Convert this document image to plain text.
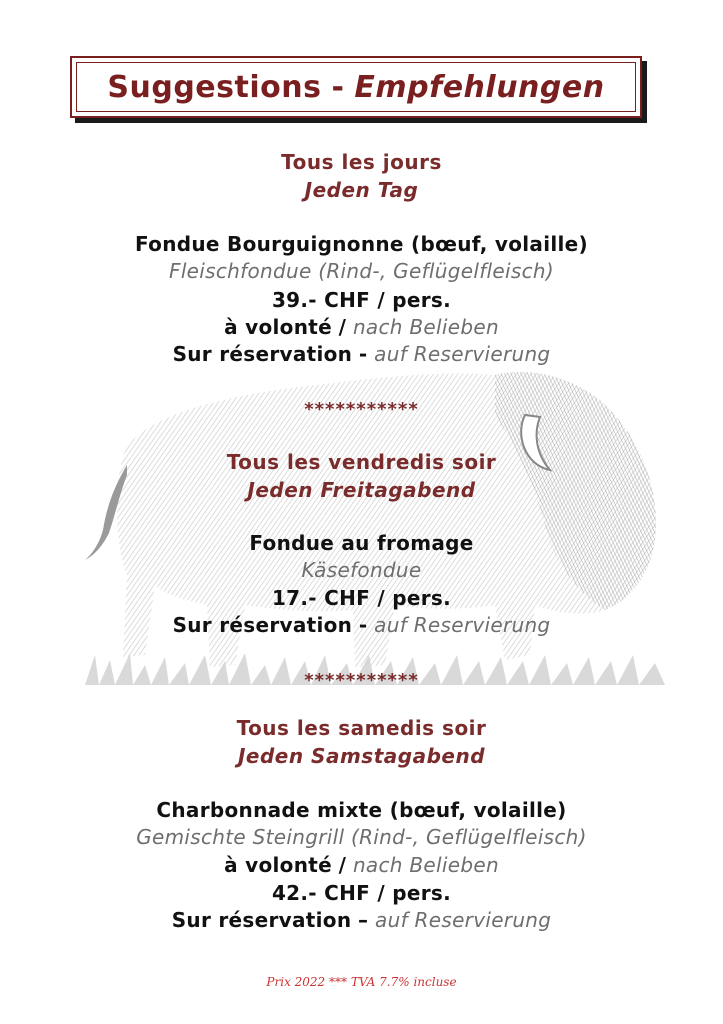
Suggestions - Empfehlungen
Tous les jours
Jeden Tag
Fondue Bourguignonne (bœuf, volaille)
Fleischfondue (Rind-, Geflügelfleisch)
39.- CHF / pers.
à volonté / nach Belieben
Sur réservation - auf Reservierung
***********
Tous les vendredis soir
Jeden Freitagabend
Fondue au fromage
Käsefondue
17.- CHF / pers.
Sur réservation - auf Reservierung
***********
Tous les samedis soir
Jeden Samstagabend
Charbonnade mixte (bœuf, volaille)
Gemischte Steingrill (Rind-, Geflügelfleisch)
à volonté / nach Belieben
42.- CHF / pers.
Sur réservation – auf Reservierung
Prix 2022 *** TVA 7.7% incluse
